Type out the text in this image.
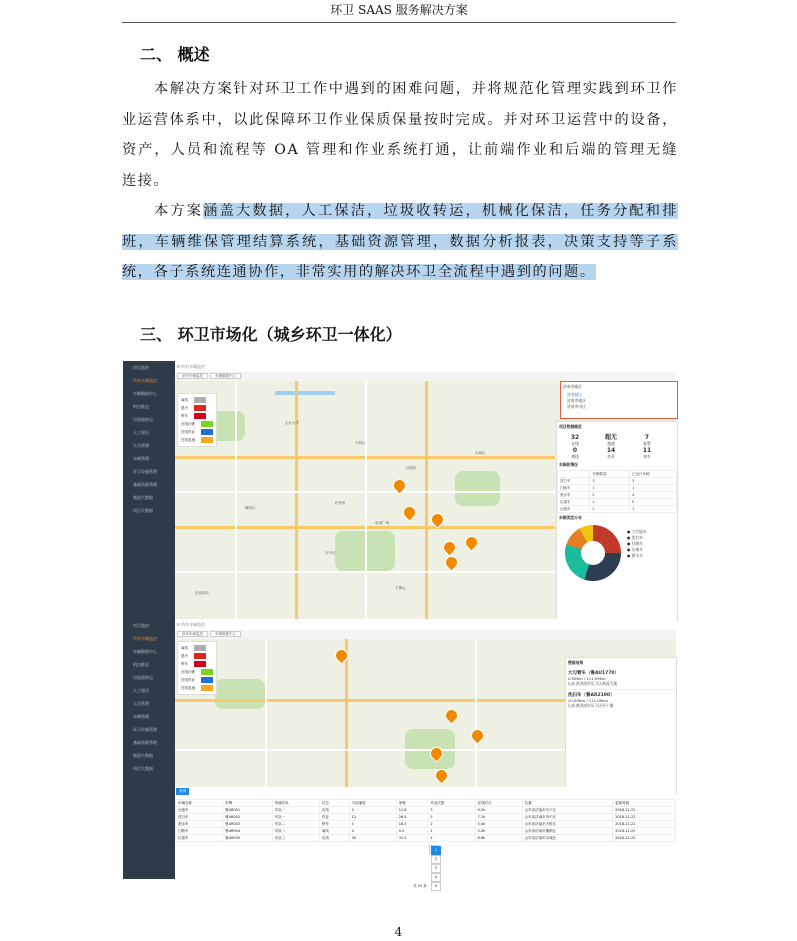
环卫 SAAS 服务解决方案
二、 概述

本解决方案针对环卫工作中遇到的困难问题，并将规范化管理实践到环卫作业运营体系中，以此保障环卫作业保质保量按时完成。并对环卫运营中的设备，资产，人员和流程等 OA 管理和作业系统打通，让前端作业和后端的管理无缝连接。

本方案涵盖大数据，人工保洁，垃圾收转运，机械化保洁，任务分配和排班，车辆维保管理结算系统，基础资源管理，数据分析报表，决策支持等子系统，各子系统连通协作，非常实用的解决环卫全流程中遇到的问题。

三、 环卫市场化（城乡环卫一体化）
项目监控
所有车辆监控
车辆数据中心
机扫推送
垃圾收转运
人工保洁
人员管理
车辆管理
环卫设施管理
基础资源管理
集团大数据
项目大数据
☰ 所有车辆监控
所有车辆监控	车辆数据中心
山东大学
天桥区
历城区
槐荫区
市中区
济南西站
大明湖
千佛山
泉城广场
趵突泉
离线
熄火
停车
在线行驶
在线作业
在线怠速
济南市辖区
济南辖区
济南市辖区
济南市中区
项目数据概览
32
在线
超无
超速
7
报警
0
离线
14
作业
11
停车
车辆段情况
	车辆数量	已运行车辆
洗扫车	3	3
扫路车	1	1
洒水车	5	4
垃圾车	1	0
压缩车	2	1
车辆类型分布
● 大垃圾车
● 洗扫车
● 扫路车
● 压缩车
● 洒水车
项目监控
所有车辆监控
车辆数据中心
机扫推送
垃圾收转运
人工保洁
人员管理
车辆管理
环卫设施管理
基础资源管理
集团大数据
项目大数据
☰ 所有车辆监控
所有车辆监控	车辆数据中心
离线
熄火
停车
在线行驶
在线作业
在线怠速
搜索结果
大勾臂车（鲁AU1770）
0.00Km / 111.09km
山东省济南市历下区新泺大街
洗扫车（鲁AR2100）
20.00Km / 111.09km
山东省济南市历下区经十路
查询
车辆名称	车牌	所属车队	状态	当前速度	里程	作业次数	在线时长	位置	更新时间
压缩车	鲁AR001	车队一	在线	0	11.8	3	6.2h	山东省济南市历下区	2018-11-22
洗扫车	鲁AR002	车队一	作业	12	26.4	5	7.1h	山东省济南市市中区	2018-11-22
洒水车	鲁AR003	车队二	停车	0	18.0	2	5.4h	山东省济南市天桥区	2018-11-22
扫路车	鲁AR004	车队二	离线	0	9.3	1	3.0h	山东省济南市槐荫区	2018-11-22
垃圾车	鲁AR005	车队三	在线	30	31.2	4	6.8h	山东省济南市历城区	2018-11-22
共 10 条 12345
4
